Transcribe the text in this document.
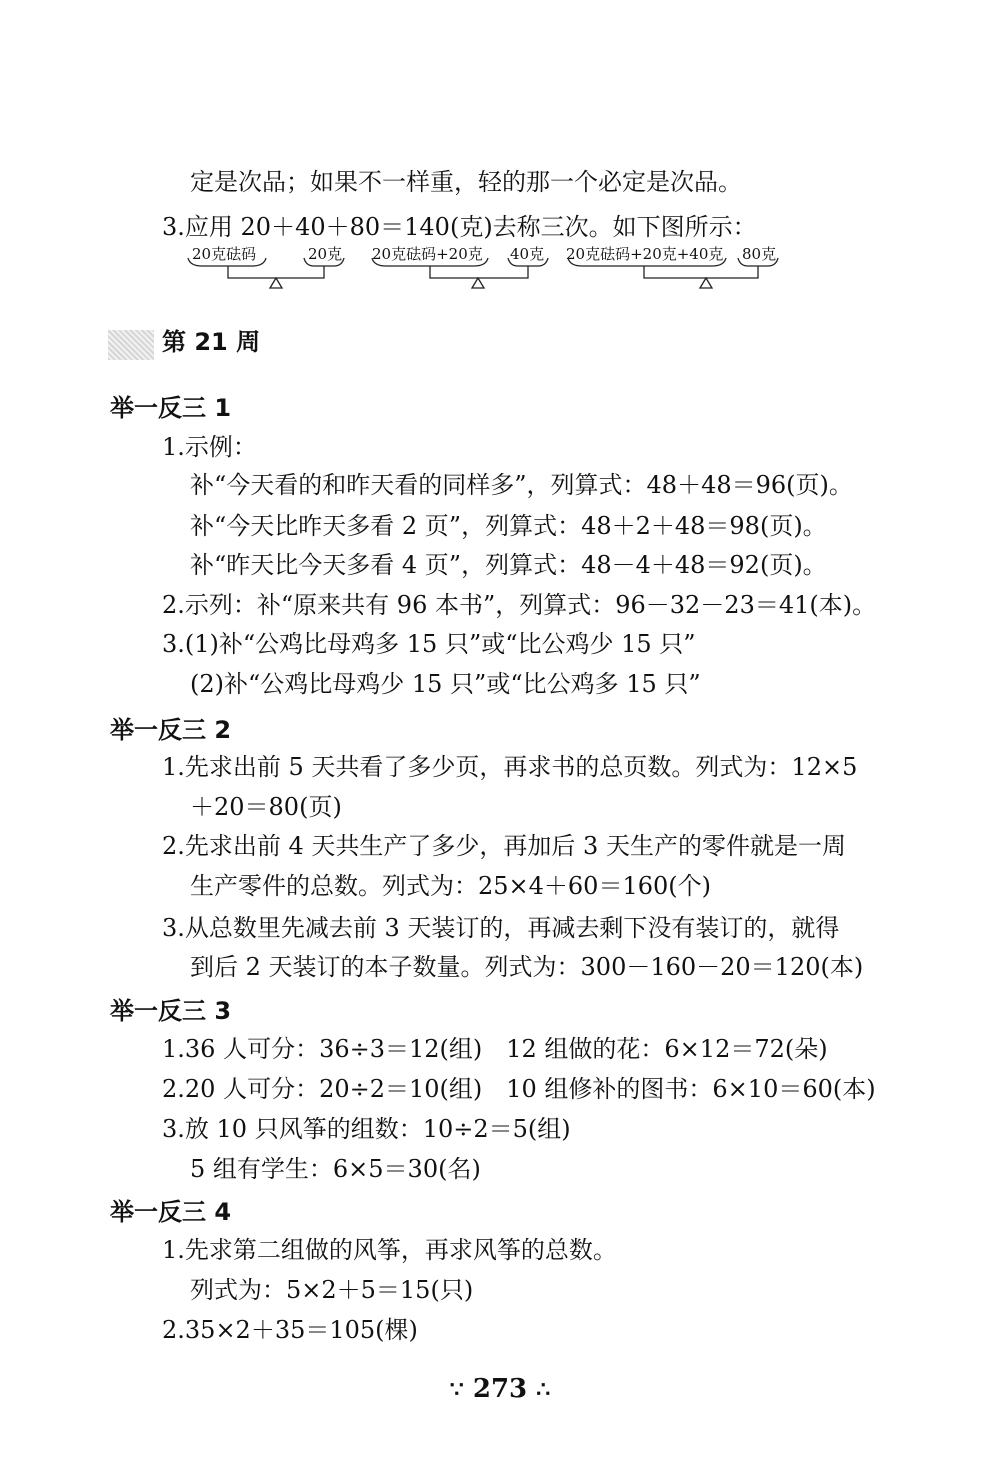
定是次品；如果不一样重，轻的那一个必定是次品。
3.应用 20＋40＋80＝140(克)去称三次。如下图所示：
20克砝码	20克 20克砝码+20克 40克 20克砝码+20克+40克 80克
第 21 周
举一反三 1
1.示例：
补“今天看的和昨天看的同样多”，列算式：48＋48＝96(页)。
补“今天比昨天多看 2 页”，列算式：48＋2＋48＝98(页)。
补“昨天比今天多看 4 页”，列算式：48－4＋48＝92(页)。
2.示列：补“原来共有 96 本书”，列算式：96－32－23＝41(本)。
3.(1)补“公鸡比母鸡多 15 只”或“比公鸡少 15 只”
(2)补“公鸡比母鸡少 15 只”或“比公鸡多 15 只”
举一反三 2
1.先求出前 5 天共看了多少页，再求书的总页数。列式为：12×5
＋20＝80(页)
2.先求出前 4 天共生产了多少，再加后 3 天生产的零件就是一周
生产零件的总数。列式为：25×4＋60＝160(个)
3.从总数里先减去前 3 天装订的，再减去剩下没有装订的，就得
到后 2 天装订的本子数量。列式为：300－160－20＝120(本)
举一反三 3
1.36 人可分：36÷3＝12(组)　12 组做的花：6×12＝72(朵)
2.20 人可分：20÷2＝10(组)　10 组修补的图书：6×10＝60(本)
3.放 10 只风筝的组数：10÷2＝5(组)
5 组有学生：6×5＝30(名)
举一反三 4
1.先求第二组做的风筝，再求风筝的总数。
列式为：5×2＋5＝15(只)
2.35×2＋35＝105(棵)
∵ 273 ∴
